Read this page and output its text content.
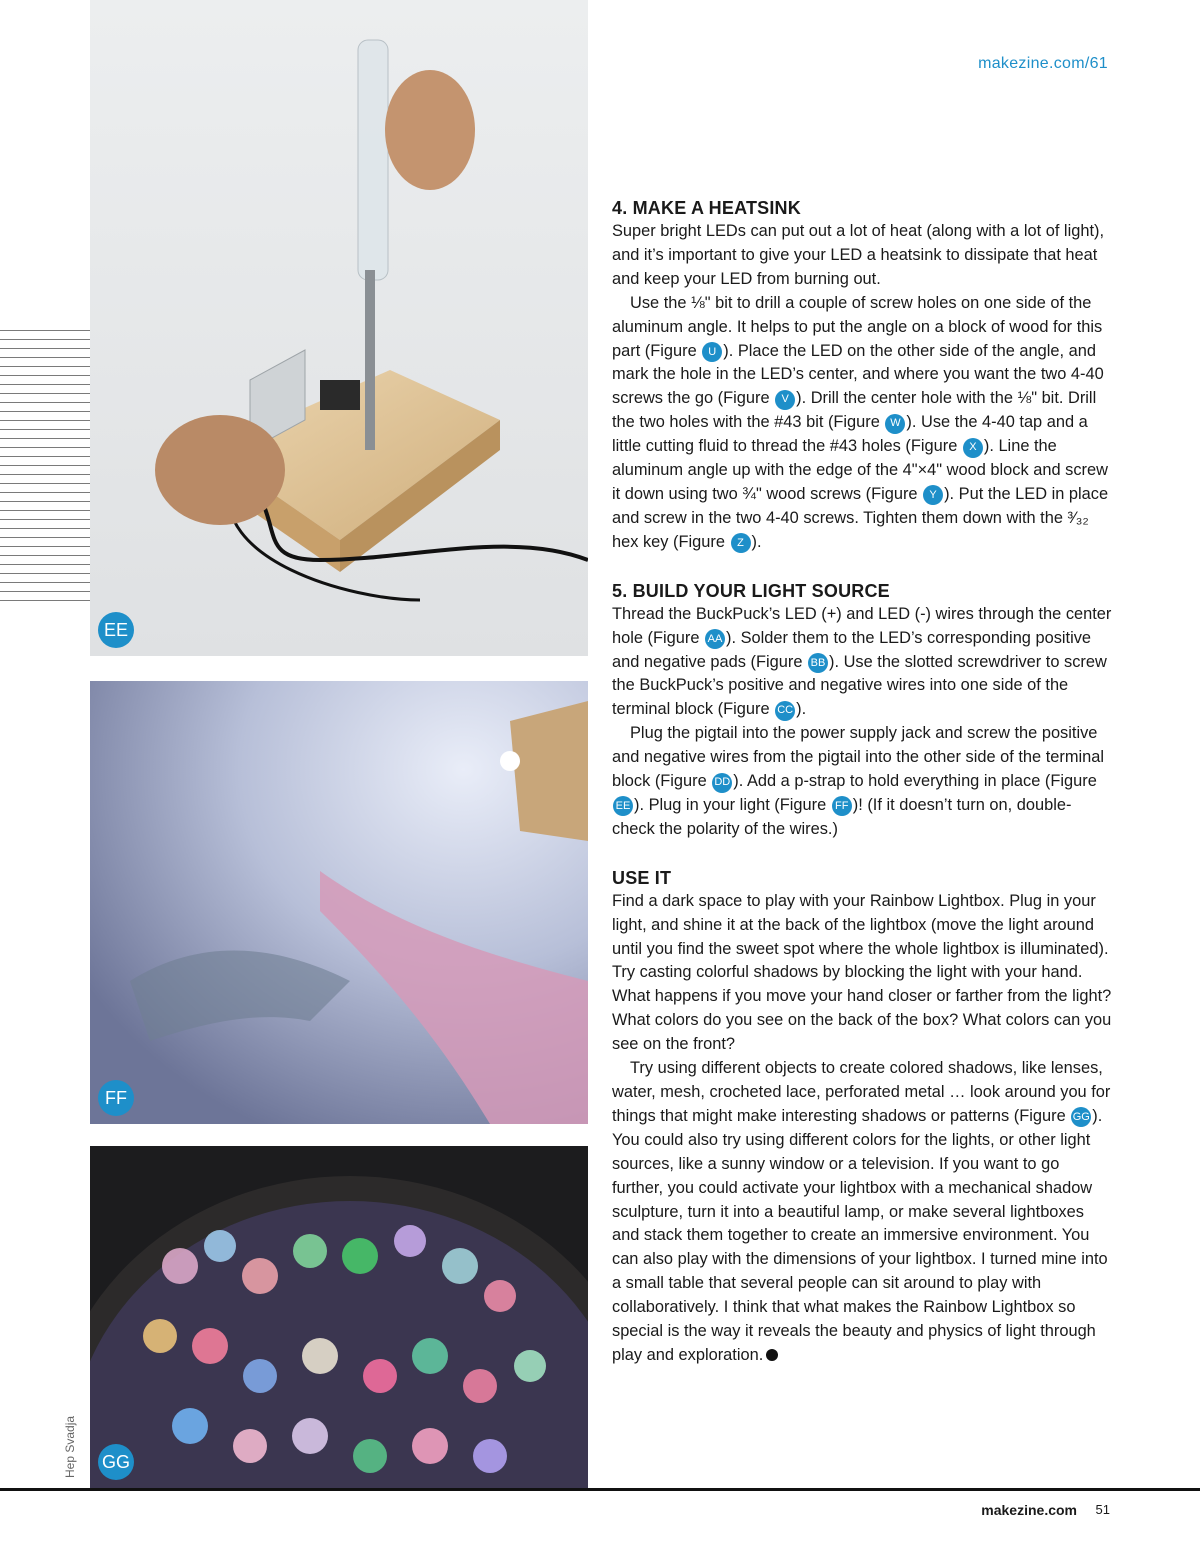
EE
FF
GG
Hep Svadja
makezine.com/61
4. MAKE A HEATSINK

Super bright LEDs can put out a lot of heat (along with a lot of light), and it’s important to give your LED a heatsink to dissipate that heat and keep your LED from burning out.

Use the ⅛" bit to drill a couple of screw holes on one side of the aluminum angle. It helps to put the angle on a block of wood for this part (Figure U ). Place the LED on the other side of the angle, and mark the hole in the LED’s center, and where you want the two 4-40 screws the go (Figure V ). Drill the center hole with the ⅛" bit. Drill the two holes with the #43 bit (Figure W ). Use the 4-40 tap and a little cutting fluid to thread the #43 holes (Figure X ). Line the aluminum angle up with the edge of the 4"×4" wood block and screw it down using two ¾" wood screws (Figure Y ). Put the LED in place and screw in the two 4-40 screws. Tighten them down with the ³⁄₃₂ hex key (Figure Z ).

5. BUILD YOUR LIGHT SOURCE

Thread the BuckPuck’s LED (+) and LED (-) wires through the center hole (Figure AA ). Solder them to the LED’s corresponding positive and negative pads (Figure BB ). Use the slotted screwdriver to screw the BuckPuck’s positive and negative wires into one side of the terminal block (Figure CC ).

Plug the pigtail into the power supply jack and screw the positive and negative wires from the pigtail into the other side of the terminal block (Figure DD ). Add a p-strap to hold everything in place (Figure EE ). Plug in your light (Figure FF )! (If it doesn’t turn on, double-check the polarity of the wires.)

USE IT

Find a dark space to play with your Rainbow Lightbox. Plug in your light, and shine it at the back of the lightbox (move the light around until you find the sweet spot where the whole lightbox is illuminated). Try casting colorful shadows by blocking the light with your hand. What happens if you move your hand closer or farther from the light? What colors do you see on the back of the box? What colors can you see on the front?

Try using different objects to create colored shadows, like lenses, water, mesh, crocheted lace, perforated metal … look around you for things that might make interesting shadows or patterns (Figure GG ). You could also try using different colors for the lights, or other light sources, like a sunny window or a television. If you want to go further, you could activate your lightbox with a mechanical shadow sculpture, turn it into a beautiful lamp, or make several lightboxes and stack them together to create an immersive environment. You can also play with the dimensions of your lightbox. I turned mine into a small table that several people can sit around to play with collaboratively. I think that what makes the Rainbow Lightbox so special is the way it reveals the beauty and physics of light through play and exploration.

makezine.com 51
